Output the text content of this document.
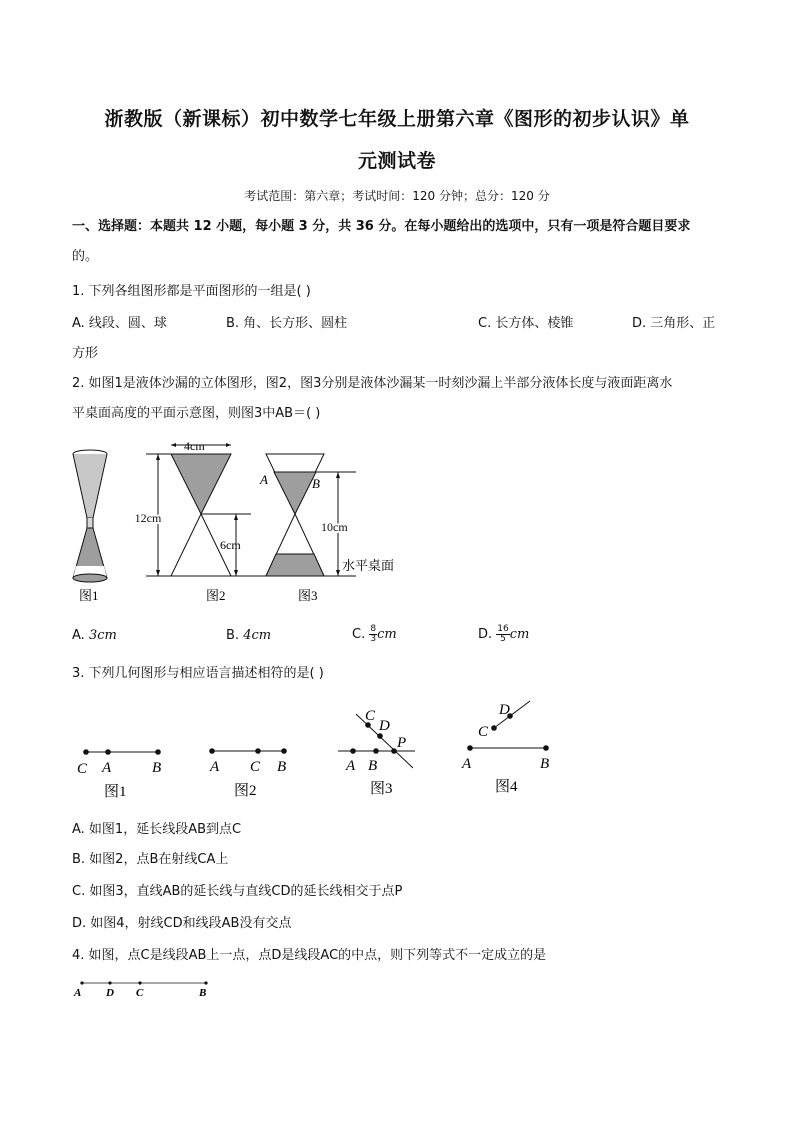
浙教版（新课标）初中数学七年级上册第六章《图形的初步认识》单
元测试卷
考试范围：第六章；考试时间：120 分钟；总分：120 分
一、选择题：本题共 12 小题，每小题 3 分，共 36 分。在每小题给出的选项中，只有一项是符合题目要求
的。
1. 下列各组图形都是平面图形的一组是( )
A. 线段、圆、球	B. 角、长方形、圆柱	C. 长方体、棱锥	D. 三角形、正
方形
2. 如图1是液体沙漏的立体图形，图2，图3分别是液体沙漏某一时刻沙漏上半部分液体长度与液面距离水
平桌面高度的平面示意图，则图3中AB＝( )
图1
4cm
12cm
6cm
图2
A	B
10cm
水平桌面
图3
A. 3cm	B. 4cm	C. $\frac{8}{3}$ cm	D. $\frac{16}{5}$ cm
3. 下列几何图形与相应语言描述相符的是( )
C A	B
图1
A C B
图2
C
D
P
A B
图3
D
C
A	B
图4
A. 如图1，延长线段AB到点C
B. 如图2，点B在射线CA上
C. 如图3，直线AB的延长线与直线CD的延长线相交于点P
D. 如图4，射线CD和线段AB没有交点
4. 如图，点C是线段AB上一点，点D是线段AC的中点，则下列等式不一定成立的是
A D C	B
